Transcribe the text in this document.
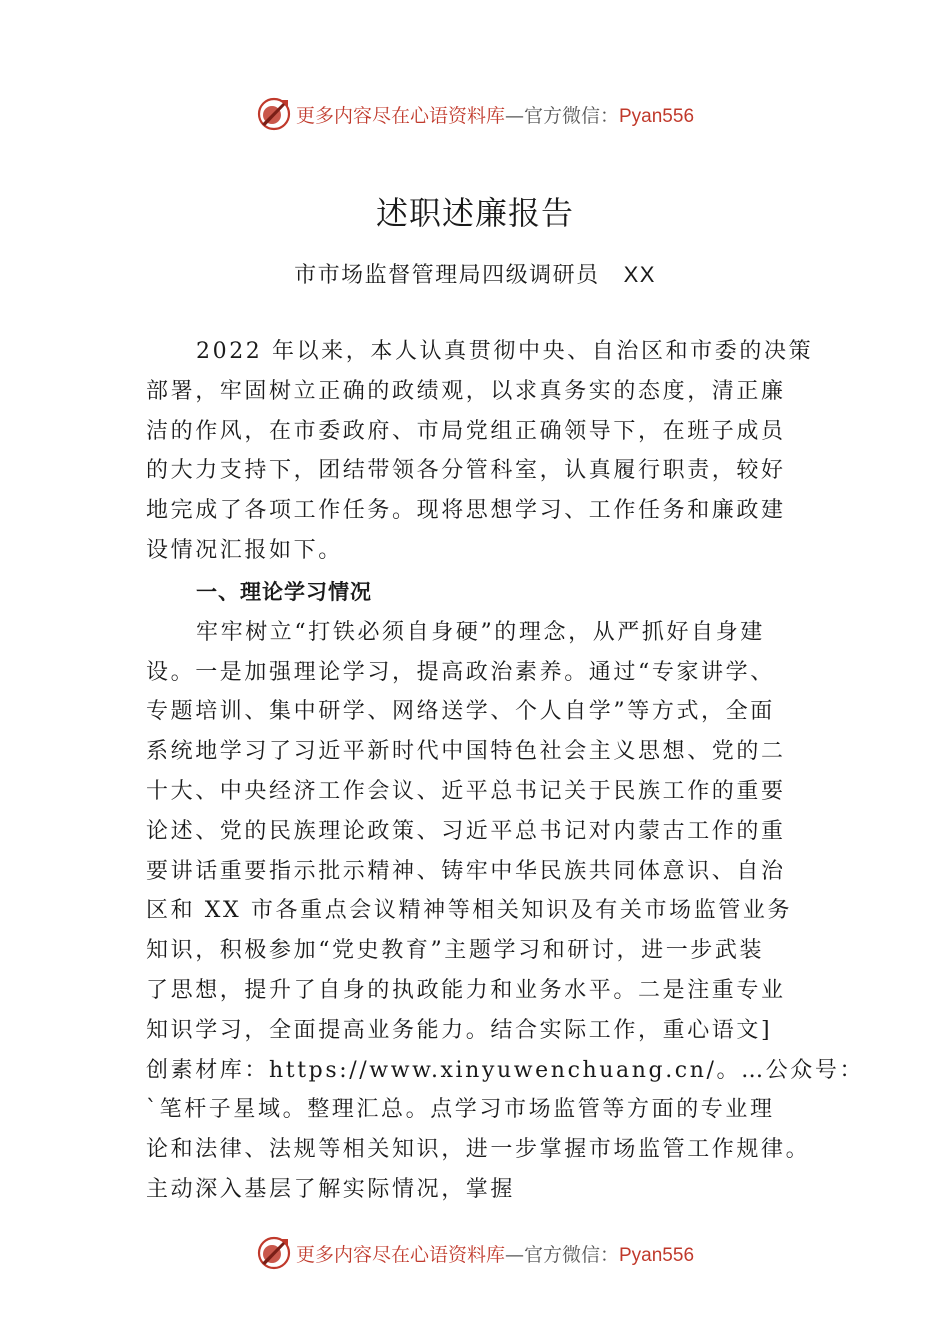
更多内容尽在心语资料库—官方微信：Pyan556
述职述廉报告
市市场监督管理局四级调研员 XX

2022 年以来，本人认真贯彻中央、自治区和市委的决策
部署，牢固树立正确的政绩观，以求真务实的态度，清正廉
洁的作风，在市委政府、市局党组正确领导下，在班子成员
的大力支持下，团结带领各分管科室，认真履行职责，较好
地完成了各项工作任务。现将思想学习、工作任务和廉政建
设情况汇报如下。

一、理论学习情况

牢牢树立“打铁必须自身硬”的理念，从严抓好自身建
设。一是加强理论学习，提高政治素养。通过“专家讲学、
专题培训、集中研学、网络送学、个人自学”等方式，全面
系统地学习了习近平新时代中国特色社会主义思想、党的二
十大、中央经济工作会议、近平总书记关于民族工作的重要
论述、党的民族理论政策、习近平总书记对内蒙古工作的重
要讲话重要指示批示精神、铸牢中华民族共同体意识、自治
区和 XX 市各重点会议精神等相关知识及有关市场监管业务
知识，积极参加“党史教育”主题学习和研讨，进一步武装
了思想，提升了自身的执政能力和业务水平。二是注重专业
知识学习，全面提高业务能力。结合实际工作，重心语文]
创素材库：https://www.xinyuwenchuang.cn/。…公众号：
`笔杆子星域。整理汇总。点学习市场监管等方面的专业理
论和法律、法规等相关知识，进一步掌握市场监管工作规律。
主动深入基层了解实际情况，掌握

更多内容尽在心语资料库—官方微信：Pyan556
